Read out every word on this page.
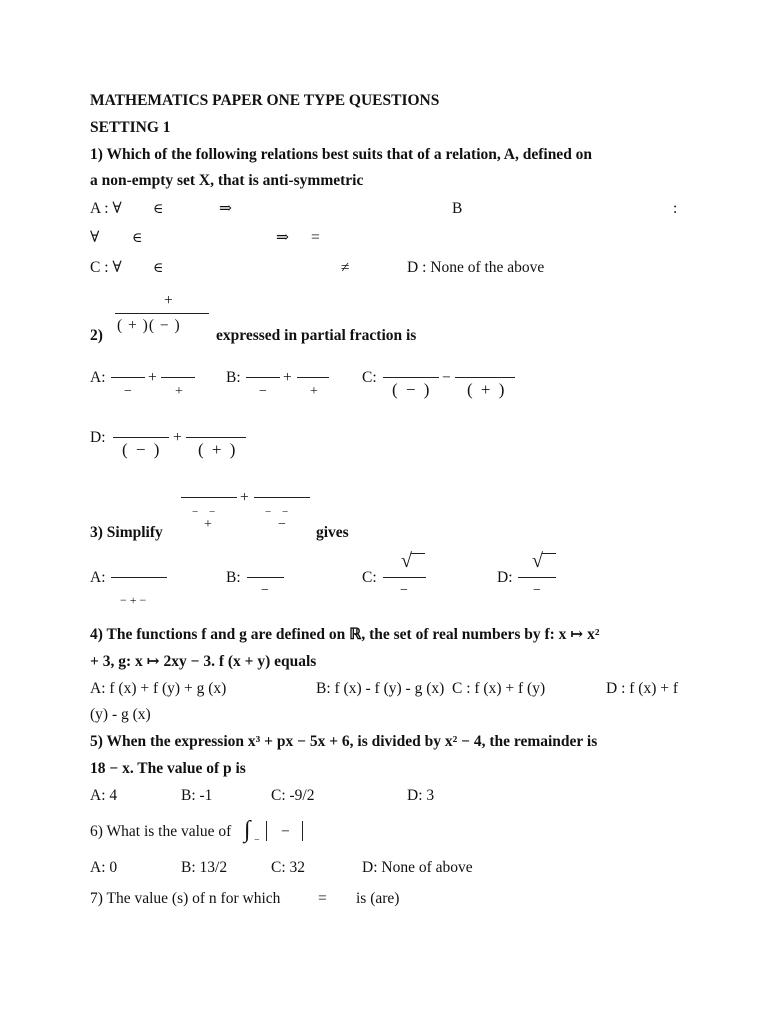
MATHEMATICS PAPER ONE TYPE QUESTIONS
SETTING 1
1) Which of the following relations best suits that of a relation, A, defined on
a non-empty set X, that is anti-symmetric
A : ∀ ∈	⇒	B	:
∀ ∈	⇒ =
C : ∀ ∈	≠	D : None of the above
+
( + )( − )
2)	expressed in partial fraction is
A:	+
−	+
B:	+
−	+
C:	−
( − ) ( + )
D:	+
( − ) ( + )
+
− −	− −
+	−
3) Simplify	gives
A:
− + −
B:
−
C:
√
−
D:
√
−
4) The functions f and g are defined on ℝ, the set of real numbers by f: x ↦ x²
+ 3, g: x ↦ 2xy − 3. f (x + y) equals
A: f (x) + f (y) + g (x)	B: f (x) - f (y) - g (x) C : f (x) + f (y)	D : f (x) + f
(y) - g (x)
5) When the expression x³ + px − 5x + 6, is divided by x² − 4, the remainder is
18 − x. The value of p is
A: 4	B: -1	C: -9/2	D: 3
6) What is the value of ∫ −
−
A: 0	B: 13/2	C: 32	D: None of above
7) The value (s) of n for which = is (are)
